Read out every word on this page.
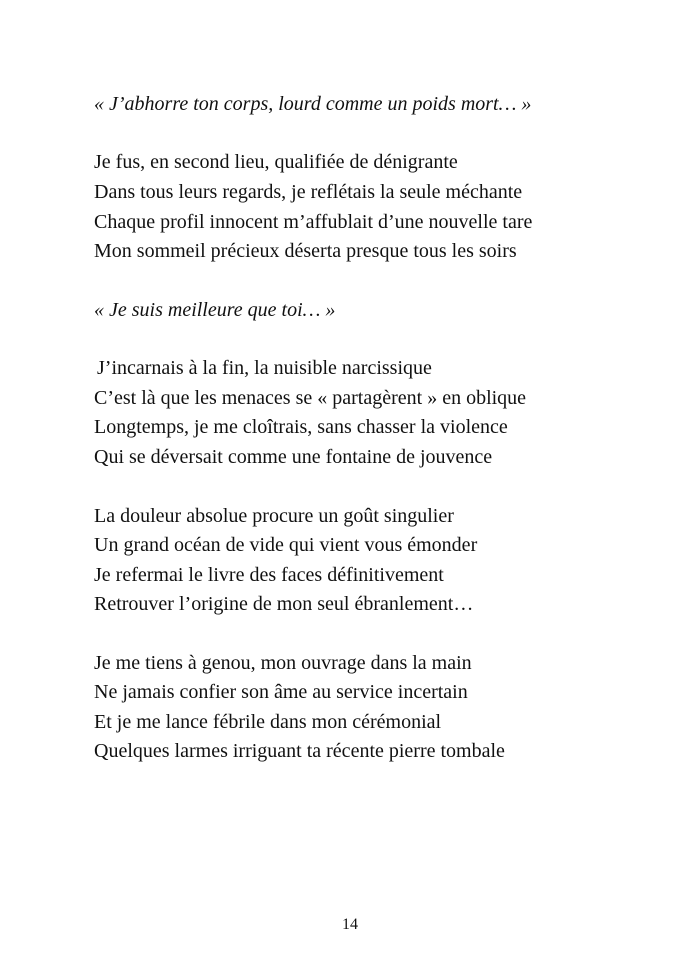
« J’abhorre ton corps, lourd comme un poids mort… »
Je fus, en second lieu, qualifiée de dénigrante
Dans tous leurs regards, je reflétais la seule méchante
Chaque profil innocent m’affublait d’une nouvelle tare
Mon sommeil précieux déserta presque tous les soirs
« Je suis meilleure que toi… »
J’incarnais à la fin, la nuisible narcissique
C’est là que les menaces se « partagèrent » en oblique
Longtemps, je me cloîtrais, sans chasser la violence
Qui se déversait comme une fontaine de jouvence
La douleur absolue procure un goût singulier
Un grand océan de vide qui vient vous émonder
Je refermai le livre des faces définitivement
Retrouver l’origine de mon seul ébranlement…
Je me tiens à genou, mon ouvrage dans la main
Ne jamais confier son âme au service incertain
Et je me lance fébrile dans mon cérémonial
Quelques larmes irriguant ta récente pierre tombale
14
